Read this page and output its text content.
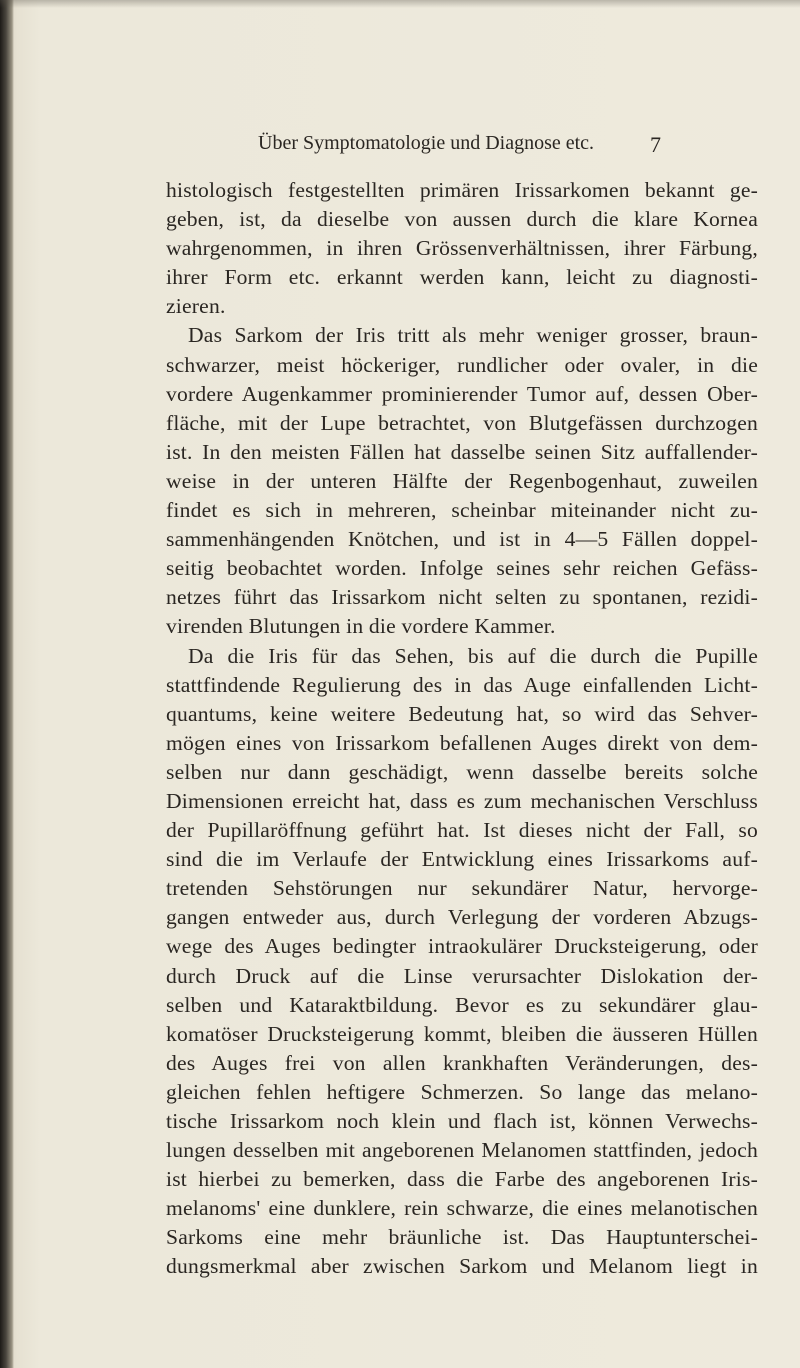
Über Symptomatologie und Diagnose etc.	7
histologisch festgestellten primären Irissarkomen bekannt ge-
geben, ist, da dieselbe von aussen durch die klare Kornea
wahrgenommen, in ihren Grössenverhältnissen, ihrer Färbung,
ihrer Form etc. erkannt werden kann, leicht zu diagnosti-
zieren.
Das Sarkom der Iris tritt als mehr weniger grosser, braun-
schwarzer, meist höckeriger, rundlicher oder ovaler, in die
vordere Augenkammer prominierender Tumor auf, dessen Ober-
fläche, mit der Lupe betrachtet, von Blutgefässen durchzogen
ist. In den meisten Fällen hat dasselbe seinen Sitz auffallender-
weise in der unteren Hälfte der Regenbogenhaut, zuweilen
findet es sich in mehreren, scheinbar miteinander nicht zu-
sammenhängenden Knötchen, und ist in 4—5 Fällen doppel-
seitig beobachtet worden. Infolge seines sehr reichen Gefäss-
netzes führt das Irissarkom nicht selten zu spontanen, rezidi-
virenden Blutungen in die vordere Kammer.
Da die Iris für das Sehen, bis auf die durch die Pupille
stattfindende Regulierung des in das Auge einfallenden Licht-
quantums, keine weitere Bedeutung hat, so wird das Sehver-
mögen eines von Irissarkom befallenen Auges direkt von dem-
selben nur dann geschädigt, wenn dasselbe bereits solche
Dimensionen erreicht hat, dass es zum mechanischen Verschluss
der Pupillaröffnung geführt hat. Ist dieses nicht der Fall, so
sind die im Verlaufe der Entwicklung eines Irissarkoms auf-
tretenden Sehstörungen nur sekundärer Natur, hervorge-
gangen entweder aus, durch Verlegung der vorderen Abzugs-
wege des Auges bedingter intraokulärer Drucksteigerung, oder
durch Druck auf die Linse verursachter Dislokation der-
selben und Kataraktbildung. Bevor es zu sekundärer glau-
komatöser Drucksteigerung kommt, bleiben die äusseren Hüllen
des Auges frei von allen krankhaften Veränderungen, des-
gleichen fehlen heftigere Schmerzen. So lange das melano-
tische Irissarkom noch klein und flach ist, können Verwechs-
lungen desselben mit angeborenen Melanomen stattfinden, jedoch
ist hierbei zu bemerken, dass die Farbe des angeborenen Iris-
melanoms' eine dunklere, rein schwarze, die eines melanotischen
Sarkoms eine mehr bräunliche ist. Das Hauptunterschei-
dungsmerkmal aber zwischen Sarkom und Melanom liegt in
